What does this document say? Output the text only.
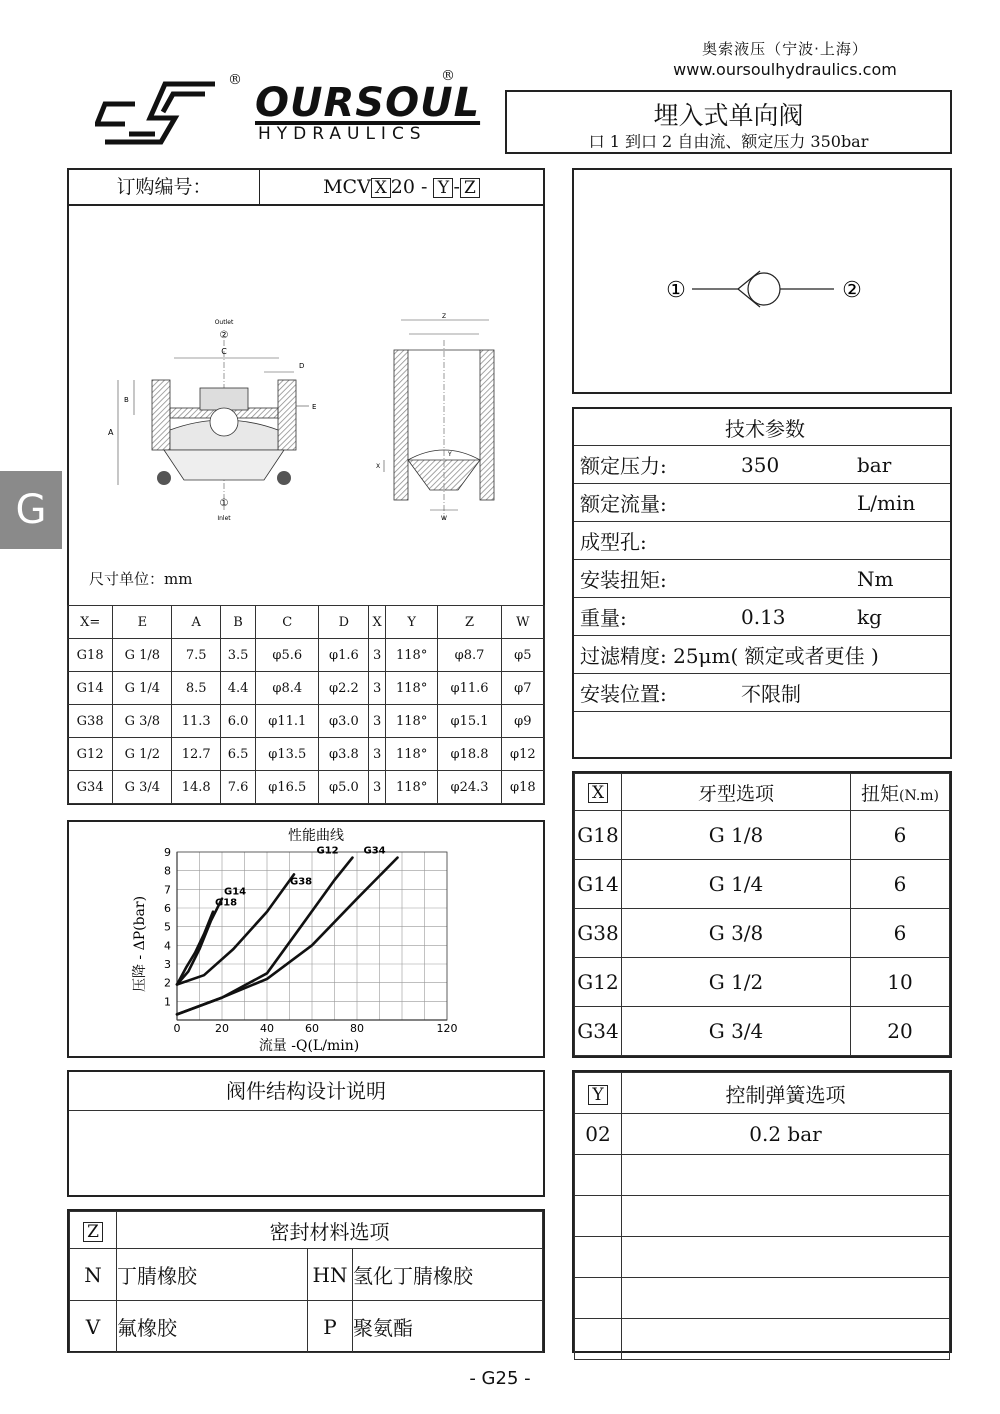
® OURSOUL
®
HYDRAULICS
奥索液压（宁波·上海）
www.oursoulhydraulics.com
埋入式单向阀
口 1 到口 2 自由流、额定压力 350bar
G
订购编号：	MCV X 20 - Y - Z
Outlet
②
C
D
A
B
E
①
Inlet
Z
Y
X
W
尺寸单位：mm
X=	E	A	B	C	D	X	Y	Z	W
G18	G 1/8	7.5	3.5	φ5.6	φ1.6	3	118°	φ8.7	φ5
G14	G 1/4	8.5	4.4	φ8.4	φ2.2	3	118°	φ11.6	φ7
G38	G 3/8	11.3	6.0	φ11.1	φ3.0	3	118°	φ15.1	φ9
G12	G 1/2	12.7	6.5	φ13.5	φ3.8	3	118°	φ18.8	φ12
G34	G 3/4	14.8	7.6	φ16.5	φ5.0	3	118°	φ24.3	φ18
①	②
技术参数		
额定压力:	350	bar
额定流量:		L/min
成型孔:		
安装扭矩:		Nm
重量:	0.13	kg
过滤精度: 25μm( 额定或者更佳 )		
安装位置:	不限制	
性能曲线
0	20	40	60	80	120
1
2
3
4
5
6
7
8
9
G18
G14
G38
G12 G34
流量 -Q(L/min)
压降 - ΔP(bar)
X	牙型选项	扭矩(N.m)
G18	G 1/8	6
G14	G 1/4	6
G38	G 3/8	6
G12	G 1/2	10
G34	G 3/4	20
阀件结构设计说明
Z	密封材料选项		
N	丁腈橡胶	HN	氢化丁腈橡胶
V	氟橡胶	P	聚氨酯
Y	控制弹簧选项
02	0.2 bar

- G25 -
